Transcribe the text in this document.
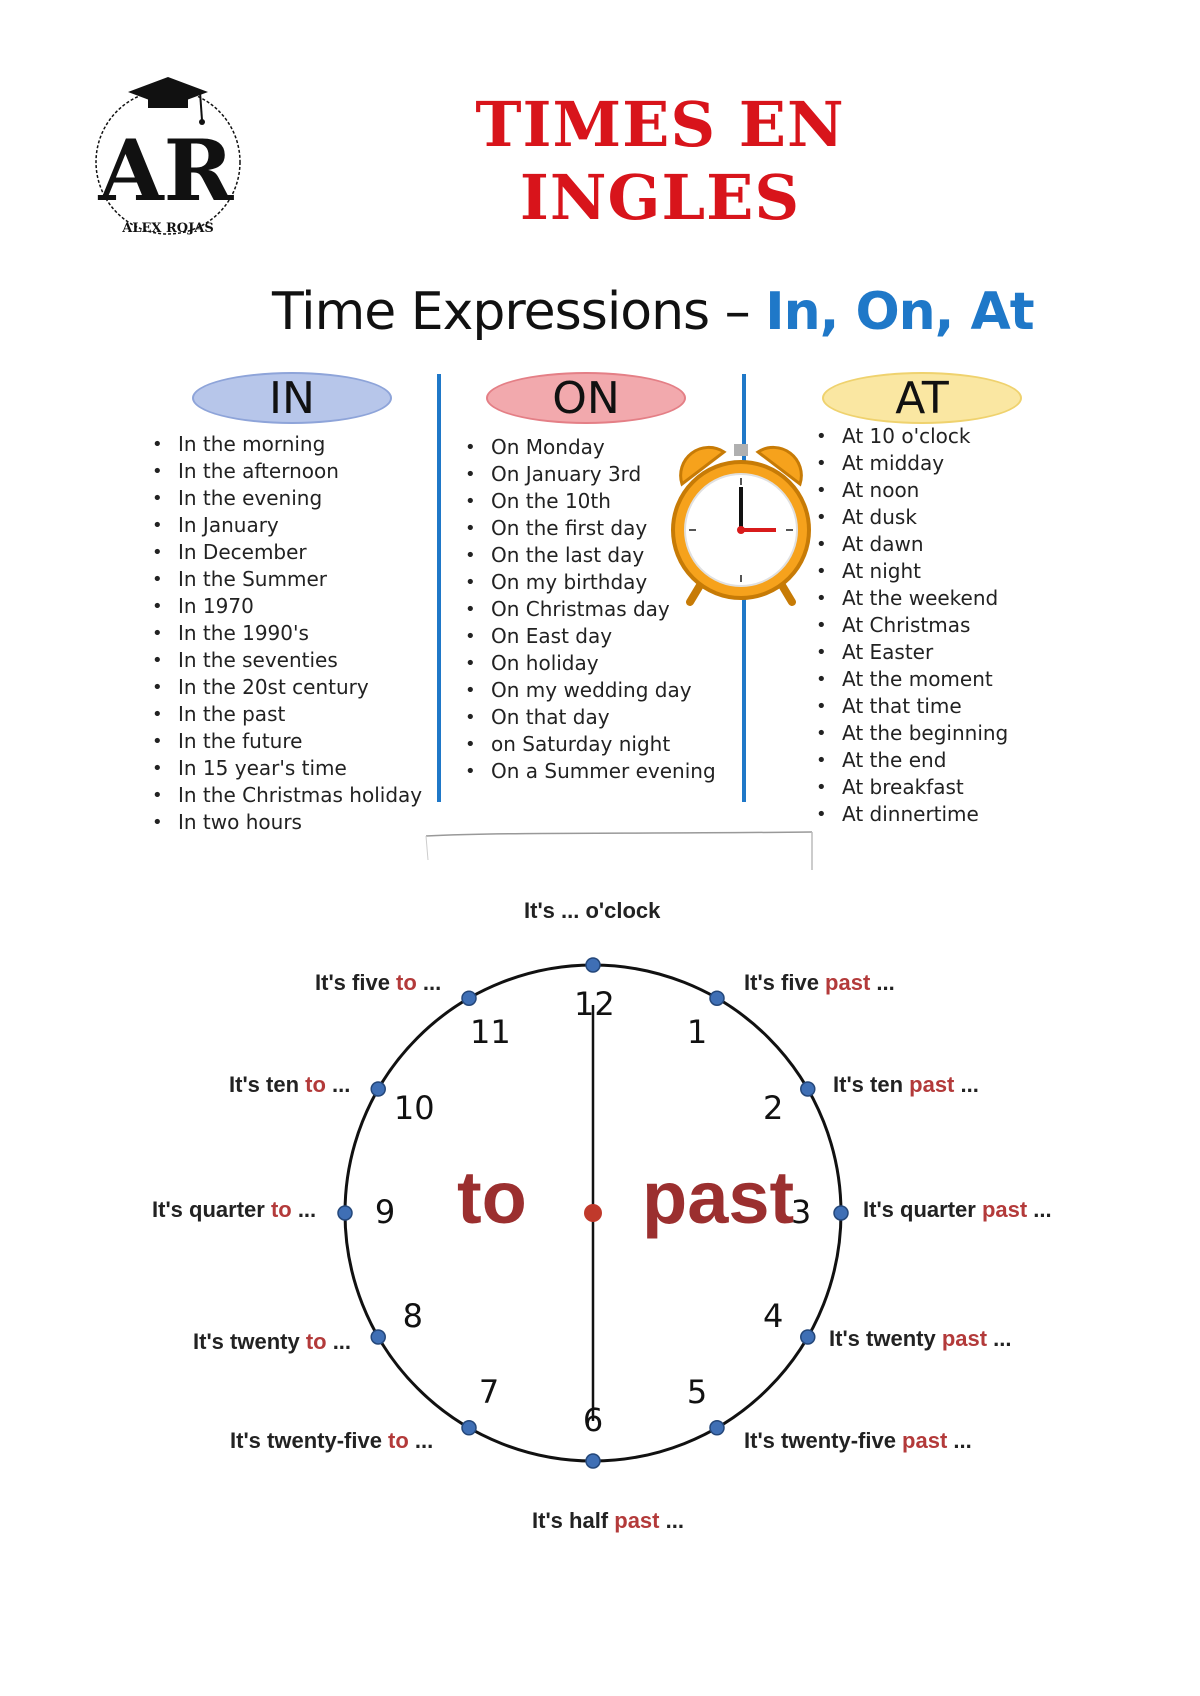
AR
ALEX ROJAS
TIMES EN INGLES
Time Expressions – In, On, At
IN	ON	AT
• In the morning
• In the afternoon
• In the evening
• In January
• In December
• In the Summer
• In 1970
• In the 1990's
• In the seventies
• In the 20st century
• In the past
• In the future
• In 15 year's time
• In the Christmas holiday
• In two hours
• On Monday
• On January 3rd
• On the 10th
• On the first day
• On the last day
• On my birthday
• On Christmas day
• On East day
• On holiday
• On my wedding day
• On that day
• on Saturday night
• On a Summer evening
• At 10 o'clock
• At midday
• At noon
• At dusk
• At dawn
• At night
• At the weekend
• At Christmas
• At Easter
• At the moment
• At that time
• At the beginning
• At the end
• At breakfast
• At dinnertime
12
1
2
3
4
5
6
7
8
9
10
11
It's ... o'clock
It's five past ...
It's ten past ...
It's quarter past ...
It's twenty past ...
It's twenty-five past ...
It's half past ...
It's twenty-five to ...
It's twenty to ...
It's quarter to ...
It's ten to ...
It's five to ...
to past
